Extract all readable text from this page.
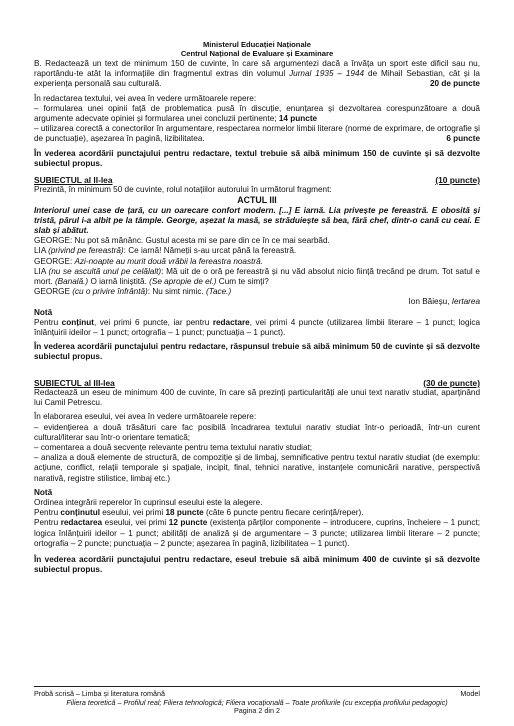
Ministerul Educației Naționale
Centrul Național de Evaluare și Examinare

B. Redactează un text de minimum 150 de cuvinte, în care să argumentezi dacă a învăța un sport este dificil sau nu, raportându-te atât la informațiile din fragmentul extras din volumul Jurnal 1935 – 1944 de Mihail Sebastian, cât și la experiența personală sau culturală.	20 de puncte

În redactarea textului, vei avea în vedere următoarele repere:

– formularea unei opinii față de problematica pusă în discuție, enunțarea și dezvoltarea corespunzătoare a două argumente adecvate opiniei și formularea unei concluzii pertinente; 14 puncte

– utilizarea corectă a conectorilor în argumentare, respectarea normelor limbii literare (norme de exprimare, de ortografie și de punctuație), așezarea în pagină, lizibilitatea.	6 puncte

În vederea acordării punctajului pentru redactare, textul trebuie să aibă minimum 150 de cuvinte și să dezvolte subiectul propus.

SUBIECTUL al II-lea	(10 puncte)

Prezintă, în minimum 50 de cuvinte, rolul notațiilor autorului în următorul fragment:

ACTUL III

Interiorul unei case de țară, cu un oarecare confort modern. [...] E iarnă. Lia privește pe fereastră. E obosită și tristă, părul i-a albit pe la tâmple. George, așezat la masă, se străduiește să bea, fără chef, dintr-o cană cu ceai. E slab și abătut.

GEORGE: Nu pot să mănânc. Gustul acesta mi se pare din ce în ce mai searbăd.

LIA (privind pe fereastră): Ce iarnă! Nămeții s-au urcat până la fereastră.

GEORGE: Azi-noapte au murit două vrăbii la fereastra noastră.

LIA (nu se ascultă unul pe celălalt): Mă uit de o oră pe fereastră și nu văd absolut nicio ființă trecând pe drum. Tot satul e mort. (Banală.) O iarnă liniștită. (Se apropie de el.) Cum te simți?

GEORGE (cu o privire înfrântă): Nu simt nimic. (Tace.)

Ion Băieșu, Iertarea

Notă

Pentru conținut, vei primi 6 puncte, iar pentru redactare, vei primi 4 puncte (utilizarea limbii literare – 1 punct; logica înlănțuirii ideilor – 1 punct; ortografia – 1 punct; punctuația – 1 punct).

În vederea acordării punctajului pentru redactare, răspunsul trebuie să aibă minimum 50 de cuvinte și să dezvolte subiectul propus.

SUBIECTUL al III-lea	(30 de puncte)

Redactează un eseu de minimum 400 de cuvinte, în care să prezinți particularități ale unui text narativ studiat, aparținând lui Camil Petrescu.

În elaborarea eseului, vei avea în vedere următoarele repere:

– evidențierea a două trăsături care fac posibilă încadrarea textului narativ studiat într-o perioadă, într-un curent cultural/literar sau într-o orientare tematică;

– comentarea a două secvențe relevante pentru tema textului narativ studiat;

– analiza a două elemente de structură, de compoziție și de limbaj, semnificative pentru textul narativ studiat (de exemplu: acțiune, conflict, relații temporale și spațiale, incipit, final, tehnici narative, instanțele comunicării narative, perspectivă narativă, registre stilistice, limbaj etc.)

Notă

Ordinea integrării reperelor în cuprinsul eseului este la alegere.

Pentru conținutul eseului, vei primi 18 puncte (câte 6 puncte pentru fiecare cerință/reper).

Pentru redactarea eseului, vei primi 12 puncte (existența părților componente – introducere, cuprins, încheiere – 1 punct; logica înlănțuirii ideilor – 1 punct; abilități de analiză și de argumentare – 3 puncte; utilizarea limbii literare – 2 puncte; ortografia – 2 puncte; punctuația – 2 puncte; așezarea în pagină, lizibilitatea – 1 punct).

În vederea acordării punctajului pentru redactare, eseul trebuie să aibă minimum 400 de cuvinte și să dezvolte subiectul propus.

Probă scrisă – Limba și literatura română	Model
Filiera teoretică – Profilul real; Filiera tehnologică; Filiera vocațională – Toate profilurile (cu excepția profilului pedagogic)
Pagina 2 din 2
